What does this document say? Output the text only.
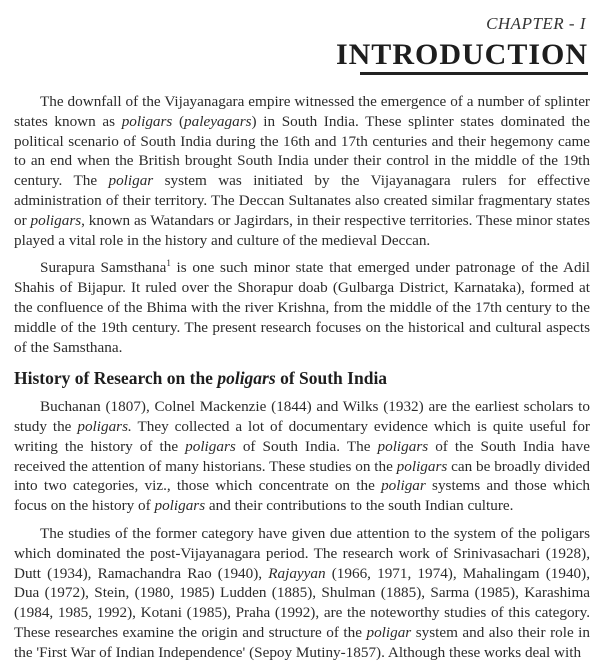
CHAPTER - I
INTRODUCTION

The downfall of the Vijayanagara empire witnessed the emergence of a number of splinter states known as poligars (paleyagars) in South India. These splinter states dominated the political scenario of South India during the 16th and 17th centuries and their hegemony came to an end when the British brought South India under their control in the middle of the 19th century. The poligar system was initiated by the Vijayanagara rulers for effective administration of their territory. The Deccan Sultanates also created similar fragmentary states or poligars, known as Watandars or Jagirdars, in their respective territories. These minor states played a vital role in the history and culture of the medieval Deccan.

Surapura Samsthana$^1$ is one such minor state that emerged under patronage of the Adil Shahis of Bijapur. It ruled over the Shorapur doab (Gulbarga District, Karnataka), formed at the confluence of the Bhima with the river Krishna, from the middle of the 17th century to the middle of the 19th century. The present research focuses on the historical and cultural aspects of the Samsthana.

History of Research on the poligars of South India

Buchanan (1807), Colnel Mackenzie (1844) and Wilks (1932) are the earliest scholars to study the poligars. They collected a lot of documentary evidence which is quite useful for writing the history of the poligars of South India. The poligars of the South India have received the attention of many historians. These studies on the poligars can be broadly divided into two categories, viz., those which concentrate on the poligar systems and those which focus on the history of poligars and their contributions to the south Indian culture.

The studies of the former category have given due attention to the system of the poligars which dominated the post-Vijayanagara period. The research work of Srinivasachari (1928), Dutt (1934), Ramachandra Rao (1940), Rajayyan (1966, 1971, 1974), Mahalingam (1940), Dua (1972), Stein, (1980, 1985) Ludden (1885), Shulman (1885), Sarma (1985), Karashima (1984, 1985, 1992), Kotani (1985), Praha (1992), are the noteworthy studies of this category. These researches examine the origin and structure of the poligar system and also their role in the 'First War of Indian Independence' (Sepoy Mutiny-1857). Although these works deal with
